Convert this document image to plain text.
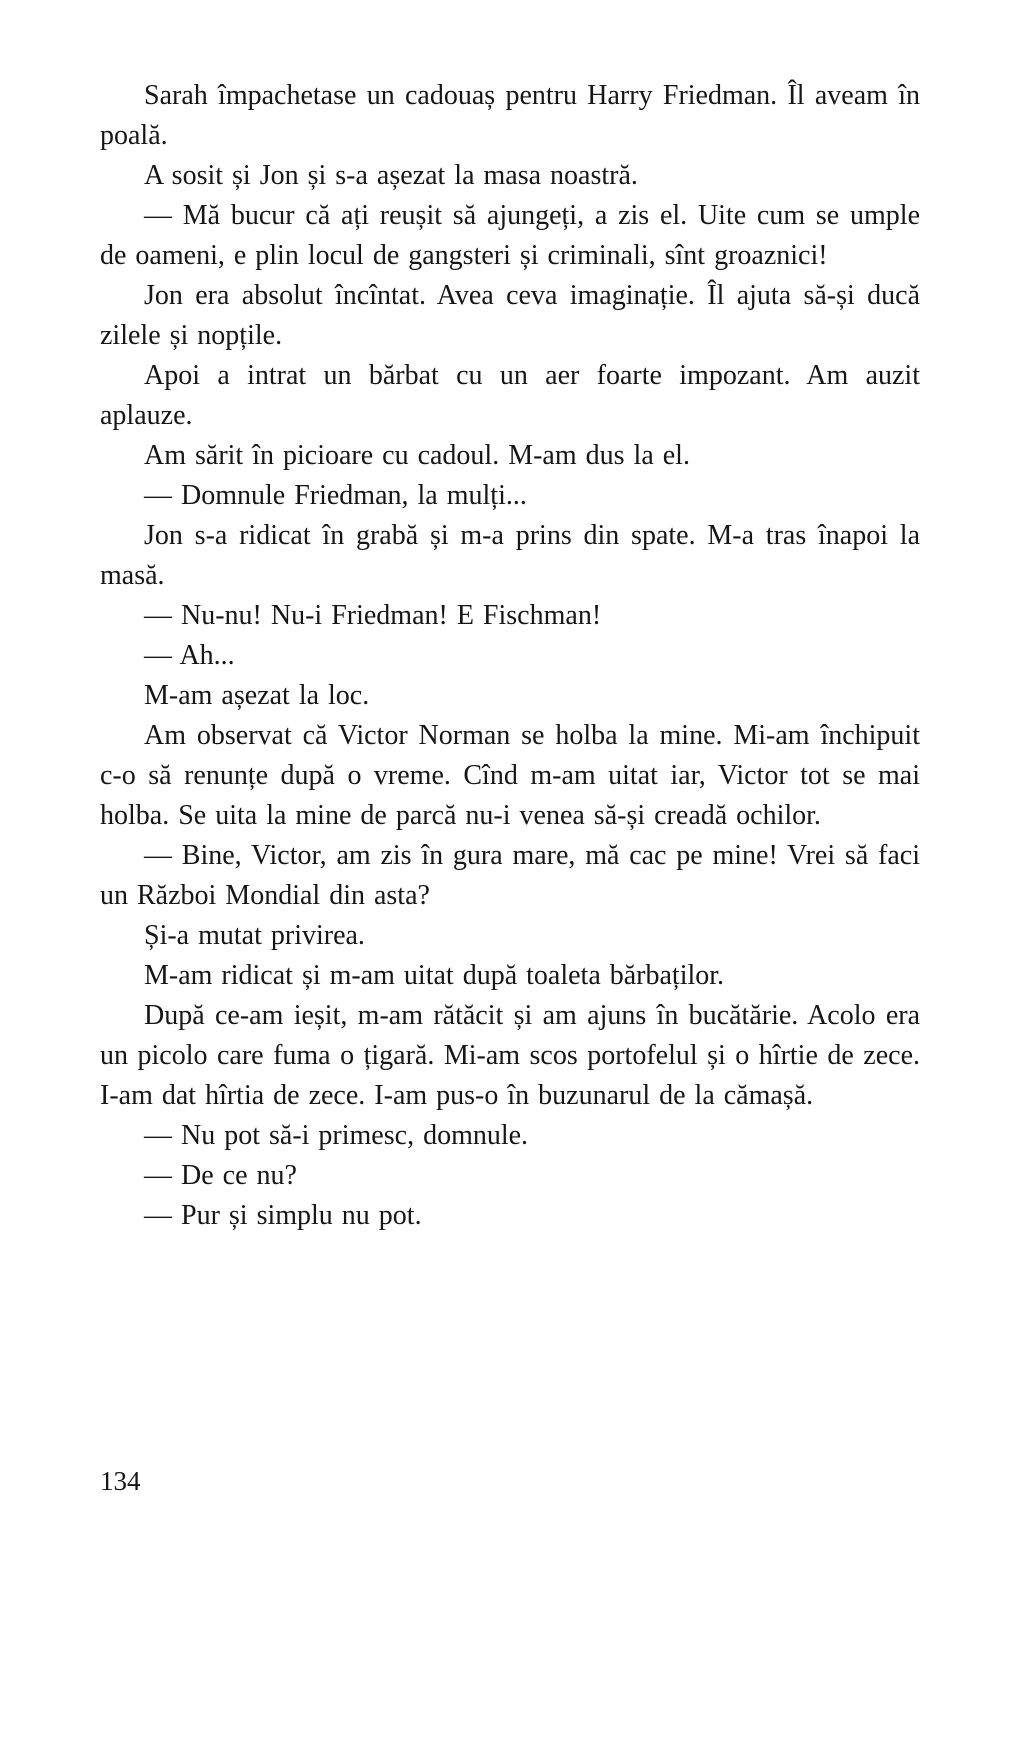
Sarah împachetase un cadouaș pentru Harry Friedman. Îl aveam în poală.

A sosit și Jon și s-a așezat la masa noastră.

— Mă bucur că ați reușit să ajungeți, a zis el. Uite cum se umple de oameni, e plin locul de gangsteri și criminali, sînt groaznici!

Jon era absolut încîntat. Avea ceva imaginație. Îl ajuta să-și ducă zilele și nopțile.

Apoi a intrat un bărbat cu un aer foarte impozant. Am auzit aplauze.

Am sărit în picioare cu cadoul. M-am dus la el.

— Domnule Friedman, la mulți...

Jon s-a ridicat în grabă și m-a prins din spate. M-a tras înapoi la masă.

— Nu-nu! Nu-i Friedman! E Fischman!

— Ah...

M-am așezat la loc.

Am observat că Victor Norman se holba la mine. Mi-am închipuit c-o să renunțe după o vreme. Cînd m-am uitat iar, Victor tot se mai holba. Se uita la mine de parcă nu-i venea să-și creadă ochilor.

— Bine, Victor, am zis în gura mare, mă cac pe mine! Vrei să faci un Război Mondial din asta?

Și-a mutat privirea.

M-am ridicat și m-am uitat după toaleta bărbaților.

După ce-am ieșit, m-am rătăcit și am ajuns în bucătărie. Acolo era un picolo care fuma o țigară. Mi-am scos portofelul și o hîrtie de zece. I-am dat hîrtia de zece. I-am pus-o în buzunarul de la cămașă.

— Nu pot să-i primesc, domnule.

— De ce nu?

— Pur și simplu nu pot.

134
